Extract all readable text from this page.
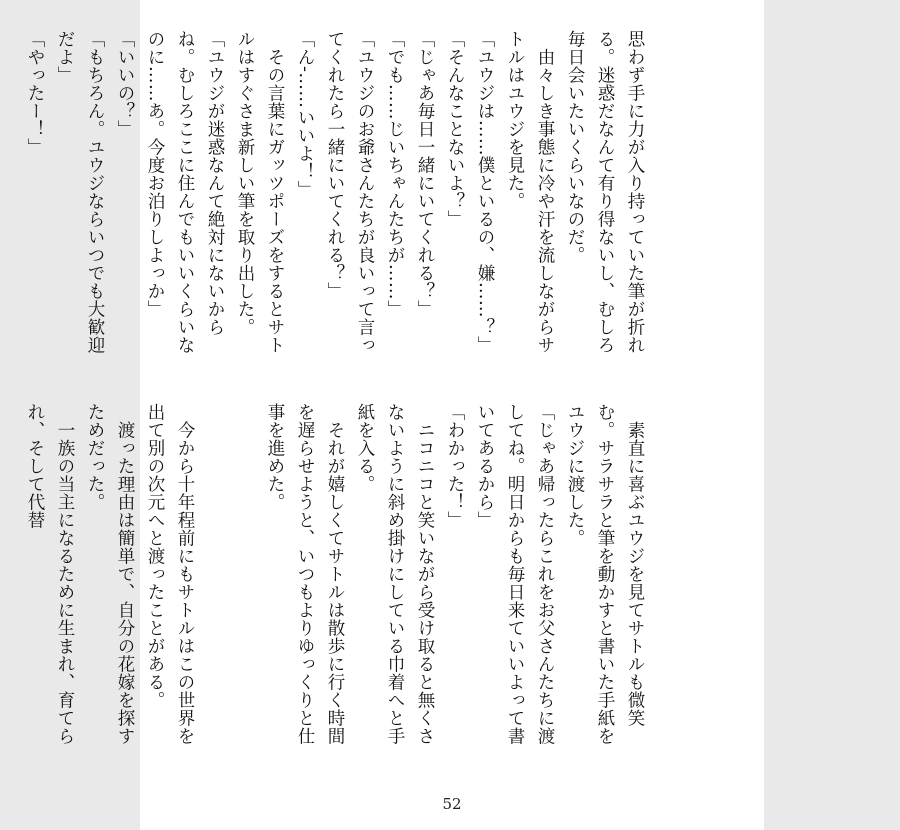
思わず手に力が入り持っていた筆が折れる。迷惑だなんて有り得ないし、むしろ毎日会いたいくらいなのだ。

由々しき事態に冷や汗を流しながらサトルはユウジを見た。

「ユウジは……僕といるの、嫌……？」

「そんなことないよ？」

「じゃあ毎日一緒にいてくれる？」

「でも……じいちゃんたちが……」

「ユウジのお爺さんたちが良いって言ってくれたら一緒にいてくれる？」

「ん-……いいよ！」

その言葉にガッツポーズをするとサトルはすぐさま新しい筆を取り出した。

「ユウジが迷惑なんて絶対にないからね。むしろここに住んでもいいくらいなのに……あ。今度お泊りしよっか」

「いいの？」

「もちろん。ユウジならいつでも大歓迎だよ」

「やったー！」

素直に喜ぶユウジを見てサトルも微笑む。サラサラと筆を動かすと書いた手紙をユウジに渡した。

「じゃあ帰ったらこれをお父さんたちに渡してね。明日からも毎日来ていいよって書いてあるから」

「わかった！」

ニコニコと笑いながら受け取ると無くさないように斜め掛けにしている巾着へと手紙を入る。

それが嬉しくてサトルは散歩に行く時間を遅らせようと、いつもよりゆっくりと仕事を進めた。

今から十年程前にもサトルはこの世界を出て別の次元へと渡ったことがある。

渡った理由は簡単で、自分の花嫁を探すためだった。

一族の当主になるために生まれ、育てられ、そして代替

52
